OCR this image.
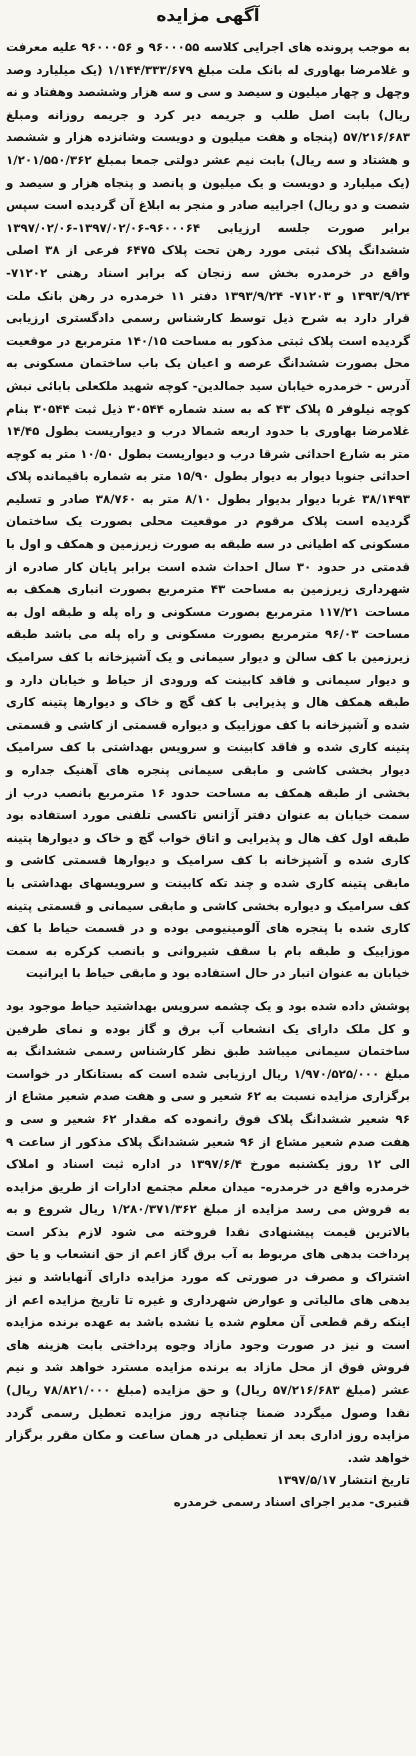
آگهی مزایده

به موجب پرونده های اجرایی کلاسه ۹۶۰۰۰۵۵ و ۹۶۰۰۰۵۶ علیه معرفت و غلامرضا بهاوری له بانک ملت مبلغ ۱/۱۴۴/۳۳۳/۶۷۹ (یک میلیارد وصد وچهل و چهار میلیون و سیصد و سی و سه هزار وششصد وهفتاد و نه ریال) بابت اصل طلب و جریمه دیر کرد و جریمه روزانه ومبلغ ۵۷/۲۱۶/۶۸۳ (پنجاه و هفت میلیون و دویست وشانزده هزار و ششصد و هشتاد و سه ریال) بابت نیم عشر دولتی جمعا بمبلغ ۱/۲۰۱/۵۵۰/۳۶۲ (یک میلیارد و دویست و یک میلیون و پانصد و پنجاه هزار و سیصد و شصت و دو ریال) اجراییه صادر و منجر به ابلاغ آن گردیده است سپس برابر صورت جلسه ارزیابی ۹۶۰۰۰۶۴-۱۳۹۷/۰۲/۰۶-۱۳۹۷/۰۲/۰۶ ششدانگ پلاک ثبتی مورد رهن تحت پلاک ۶۴۷۵ فرعی از ۳۸ اصلی واقع در خرمدره بخش سه زنجان که برابر اسناد رهنی ۷۱۲۰۲- ۱۳۹۳/۹/۲۴ و ۷۱۲۰۳- ۱۳۹۳/۹/۲۴ دفتر ۱۱ خرمدره در رهن بانک ملت قرار دارد به شرح ذیل توسط کارشناس رسمی دادگستری ارزیابی گردیده است پلاک ثبتی مذکور به مساحت ۱۴۰/۱۵ مترمربع در موقعیت محل بصورت ششدانگ عرصه و اعیان یک باب ساختمان مسکونی به آدرس - خرمدره خیابان سید جمالدین- کوچه شهید ملکعلی بابائی نبش کوچه نیلوفر ۵ پلاک ۴۳ که به سند شماره ۳۰۵۴۴ ذیل ثبت ۳۰۵۴۴ بنام غلامرضا بهاوری با حدود اربعه شمالا درب و دیواریست بطول ۱۴/۴۵ متر به شارع احداثی شرقا درب و دیواریست بطول ۱۰/۵۰ متر به کوچه احداثی جنوبا دیوار به دیوار بطول ۱۵/۹۰ متر به شماره باقیمانده پلاک ۳۸/۱۴۹۳ غربا دیوار بدیوار بطول ۸/۱۰ متر به ۳۸/۷۶۰ صادر و تسلیم گردیده است پلاک مرقوم در موقعیت محلی بصورت یک ساختمان مسکونی که اطیانی در سه طبقه به صورت زیرزمین و همکف و اول با قدمتی در حدود ۳۰ سال احداث شده است برابر پایان کار صادره از شهرداری زیرزمین به مساحت ۴۳ مترمربع بصورت انباری همکف به مساحت ۱۱۷/۲۱ مترمربع بصورت مسکونی و راه پله و طبقه اول به مساحت ۹۶/۰۳ مترمربع بصورت مسکونی و راه پله می باشد طبقه زیرزمین با کف سالن و دیوار سیمانی و یک آشپزخانه با کف سرامیک و دیوار سیمانی و فاقد کابینت که ورودی از حیاط و خیابان دارد و طبقه همکف هال و پذیرایی با کف گچ و خاک و دیوارها پتینه کاری شده و آشپزخانه با کف موزاییک و دیواره قسمتی از کاشی و قسمتی پتینه کاری شده و فاقد کابینت و سرویس بهداشتی با کف سرامیک دیوار بخشی کاشی و مابقی سیمانی پنجره های آهنیک جداره و بخشی از طبقه همکف به مساحت حدود ۱۶ مترمربع بانصب درب از سمت خیابان به عنوان دفتر آژانس تاکسی تلفنی مورد استفاده بود طبقه اول کف هال و پذیرایی و اتاق خواب گچ و خاک و دیوارها پتینه کاری شده و آشپزخانه با کف سرامیک و دیوارها قسمتی کاشی و مابقی پتینه کاری شده و چند تکه کابینت و سرویسهای بهداشتی با کف سرامیک و دیواره بخشی کاشی و مابقی سیمانی و قسمتی پتینه کاری شده با پنجره های آلومینیومی بوده و در قسمت حیاط با کف موزاییک و طبقه بام با سقف شیروانی و بانصب کرکره به سمت خیابان به عنوان انبار در حال استفاده بود و مابقی حیاط با ایرانیت

پوشش داده شده بود و یک چشمه سرویس بهداشتید حیاط موجود بود و کل ملک دارای یک انشعاب آب برق و گاز بوده و نمای طرفین ساختمان سیمانی میباشد طبق نظر کارشناس رسمی ششدانگ به مبلغ ۱/۹۷۰/۵۲۵/۰۰۰ ریال ارزیابی شده است که بستانکار در خواست برگزاری مزایده نسبت به ۶۲ شعیر و سی و هفت صدم شعیر مشاع از ۹۶ شعیر ششدانگ پلاک فوق رانموده که مقدار ۶۲ شعیر و سی و هفت صدم شعیر مشاع از ۹۶ شعیر ششدانگ پلاک مذکور از ساعت ۹ الی ۱۲ روز یکشنبه مورخ ۱۳۹۷/۶/۴ در اداره ثبت اسناد و املاک خرمدره واقع در خرمدره- میدان معلم مجتمع ادارات از طریق مزایده به فروش می رسد مزایده از مبلغ ۱/۲۸۰/۳۷۱/۳۶۲ ریال شروع و به بالاترین قیمت پیشنهادی نقدا فروخته می شود لازم بذکر است پرداخت بدهی های مربوط به آب برق گاز اعم از حق انشعاب و یا حق اشتراک و مصرف در صورتی که مورد مزایده دارای آنهاباشد و نیز بدهی های مالیاتی و عوارض شهرداری و غیره تا تاریخ مزایده اعم از اینکه رقم قطعی آن معلوم شده یا نشده باشد به عهده برنده مزایده است و نیز در صورت وجود مازاد وجوه پرداختی بابت هزینه های فروش فوق از محل مازاد به برنده مزایده مسترد خواهد شد و نیم عشر (مبلغ ۵۷/۲۱۶/۶۸۳ ریال) و حق مزایده (مبلغ ۷۸/۸۲۱/۰۰۰ ریال) نقدا وصول میگردد ضمنا چنانچه روز مزایده تعطیل رسمی گردد مزایده روز اداری بعد از تعطیلی در همان ساعت و مکان مقرر برگزار خواهد شد.

تاریخ انتشار ۱۳۹۷/۵/۱۷

قنبری- مدیر اجرای اسناد رسمی خرمدره
